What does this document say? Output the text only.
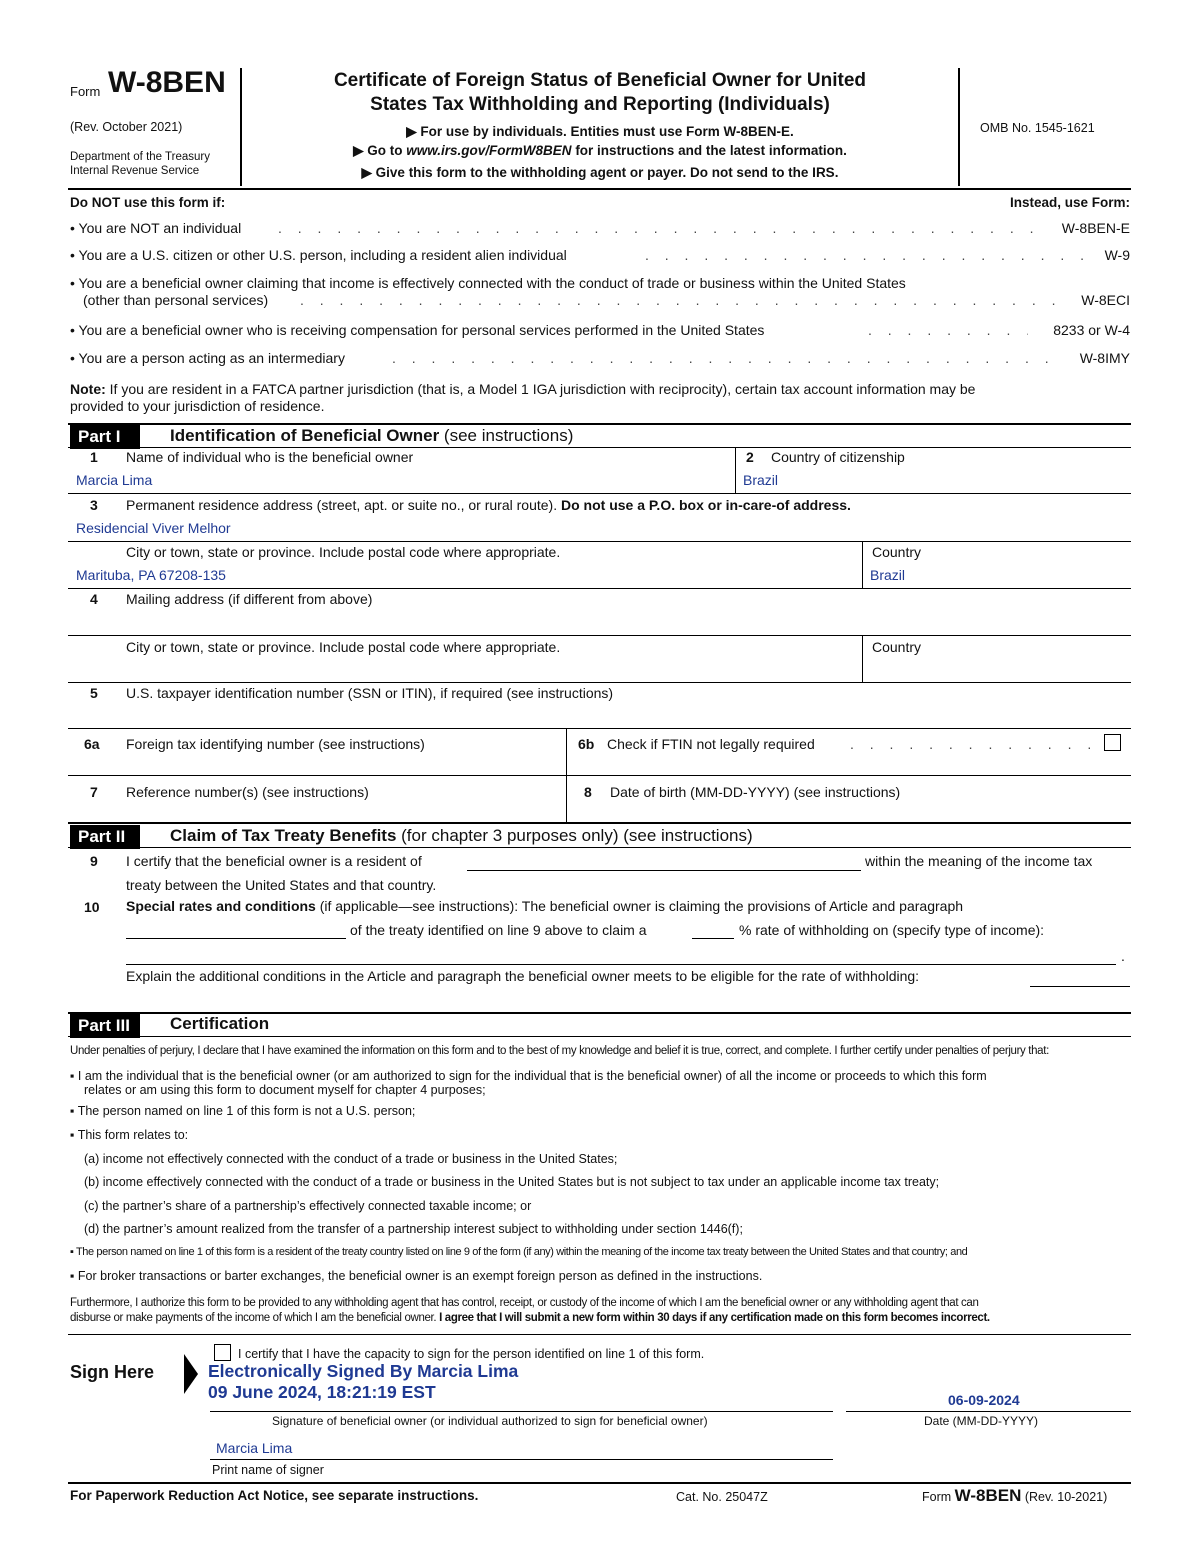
Form W-8BEN
(Rev. October 2021)
Department of the Treasury
Internal Revenue Service
Certificate of Foreign Status of Beneficial Owner for United
States Tax Withholding and Reporting (Individuals)
▶ For use by individuals. Entities must use Form W-8BEN-E.
▶ Go to www.irs.gov/FormW8BEN for instructions and the latest information.
▶ Give this form to the withholding agent or payer. Do not send to the IRS.
OMB No. 1545-1621
Do NOT use this form if:	Instead, use Form:
• You are NOT an individual . . .	W-8BEN-E
• You are a U.S. citizen or other U.S. person, including a resident alien individual . . .	W-9
• You are a beneficial owner claiming that income is effectively connected with the conduct of trade or business within the United States
(other than personal services) . . .	W-8ECI
• You are a beneficial owner who is receiving compensation for personal services performed in the United States . . .	8233 or W-4
• You are a person acting as an intermediary . . .	W-8IMY
Note: If you are resident in a FATCA partner jurisdiction (that is, a Model 1 IGA jurisdiction with reciprocity), certain tax account information may be
provided to your jurisdiction of residence.
Part I	Identification of Beneficial Owner (see instructions)
1 Name of individual who is the beneficial owner
Marcia Lima
2 Country of citizenship
Brazil
3 Permanent residence address (street, apt. or suite no., or rural route). Do not use a P.O. box or in-care-of address.
Residencial Viver Melhor
City or town, state or province. Include postal code where appropriate.
Marituba, PA 67208-135
Country
Brazil
4 Mailing address (if different from above)
City or town, state or province. Include postal code where appropriate.	Country
5 U.S. taxpayer identification number (SSN or ITIN), if required (see instructions)
6a Foreign tax identifying number (see instructions)	6b Check if FTIN not legally required
. . .
7 Reference number(s) (see instructions)	8 Date of birth (MM-DD-YYYY) (see instructions)
Part II	Claim of Tax Treaty Benefits (for chapter 3 purposes only) (see instructions)
9 I certify that the beneficial owner is a resident of	within the meaning of the income tax
treaty between the United States and that country.
10 Special rates and conditions (if applicable—see instructions): The beneficial owner is claiming the provisions of Article and paragraph
of the treaty identified on line 9 above to claim a	% rate of withholding on (specify type of income):
.
Explain the additional conditions in the Article and paragraph the beneficial owner meets to be eligible for the rate of withholding:
Part III	Certification
Under penalties of perjury, I declare that I have examined the information on this form and to the best of my knowledge and belief it is true, correct, and complete. I further certify under penalties of perjury that:
▪ I am the individual that is the beneficial owner (or am authorized to sign for the individual that is the beneficial owner) of all the income or proceeds to which this form
relates or am using this form to document myself for chapter 4 purposes;
▪ The person named on line 1 of this form is not a U.S. person;
▪ This form relates to:
(a) income not effectively connected with the conduct of a trade or business in the United States;
(b) income effectively connected with the conduct of a trade or business in the United States but is not subject to tax under an applicable income tax treaty;
(c) the partner’s share of a partnership’s effectively connected taxable income; or
(d) the partner’s amount realized from the transfer of a partnership interest subject to withholding under section 1446(f);
▪ The person named on line 1 of this form is a resident of the treaty country listed on line 9 of the form (if any) within the meaning of the income tax treaty between the United States and that country; and
▪ For broker transactions or barter exchanges, the beneficial owner is an exempt foreign person as defined in the instructions.
Furthermore, I authorize this form to be provided to any withholding agent that has control, receipt, or custody of the income of which I am the beneficial owner or any withholding agent that can
disburse or make payments of the income of which I am the beneficial owner. I agree that I will submit a new form within 30 days if any certification made on this form becomes incorrect.
I certify that I have the capacity to sign for the person identified on line 1 of this form.
Sign Here	Electronically Signed By Marcia Lima
09 June 2024, 18:21:19 EST	06-09-2024
Signature of beneficial owner (or individual authorized to sign for beneficial owner)	Date (MM-DD-YYYY)
Marcia Lima
Print name of signer
For Paperwork Reduction Act Notice, see separate instructions.	Cat. No. 25047Z	Form W-8BEN (Rev. 10-2021)
